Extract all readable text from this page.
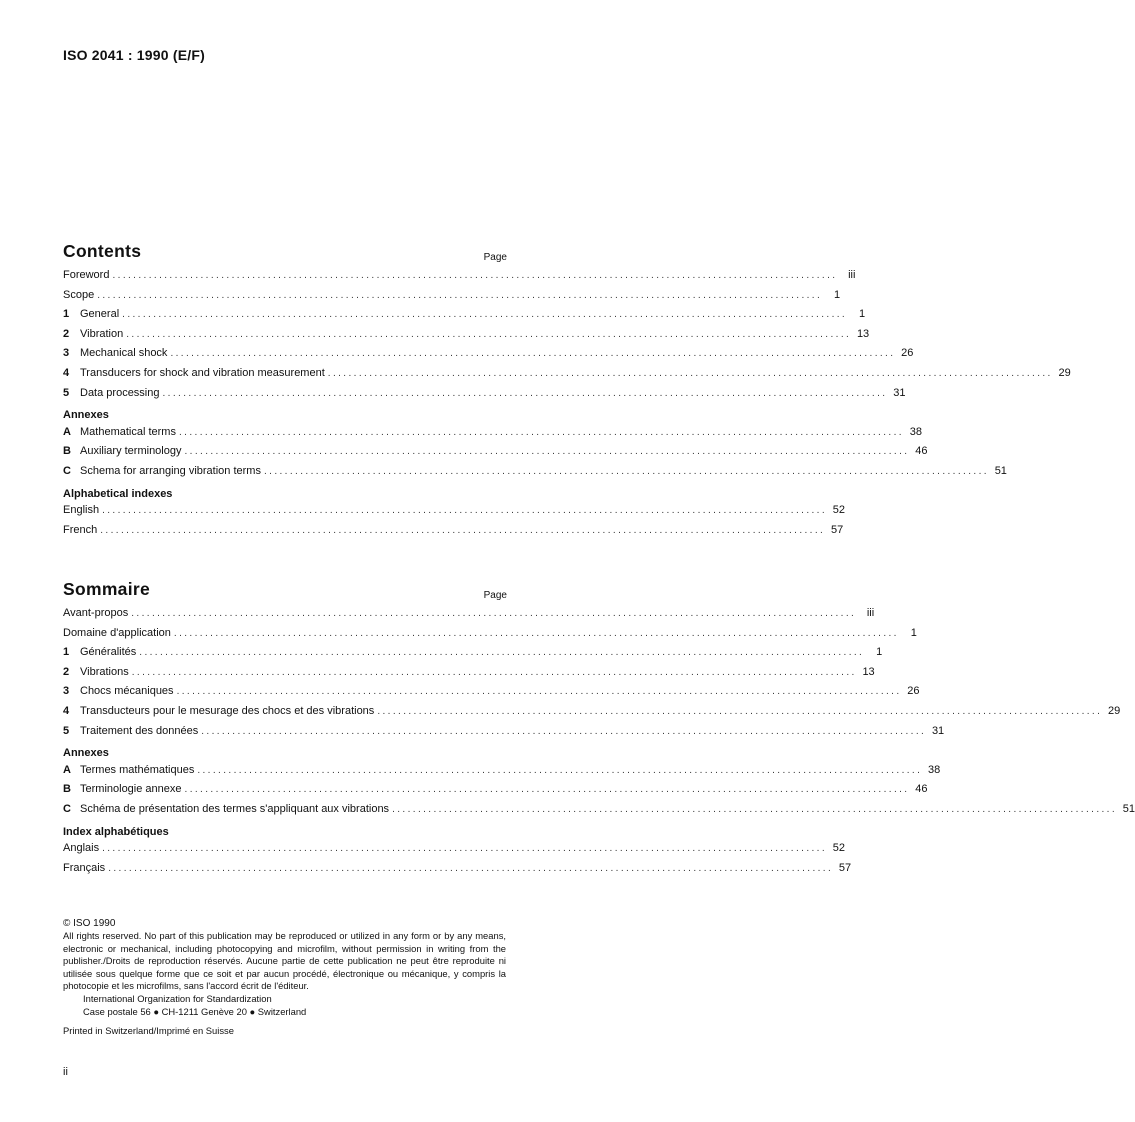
ISO 2041 : 1990 (E/F)
Contents	Page
Foreword ............................................................................................................................................ iii
Scope ............................................................................................................................................	1
1 General ............................................................................................................................................	1
2 Vibration ............................................................................................................................................ 13
3 Mechanical shock ............................................................................................................................................ 26
4 Transducers for shock and vibration measurement ............................................................................................................................................ 29
5 Data processing ............................................................................................................................................ 31
Annexes
A Mathematical terms ............................................................................................................................................ 38
B Auxiliary terminology ............................................................................................................................................ 46
C Schema for arranging vibration terms ............................................................................................................................................ 51
Alphabetical indexes
English ............................................................................................................................................ 52
French ............................................................................................................................................ 57
Sommaire	Page
Avant-propos ............................................................................................................................................ iii
Domaine d'application ............................................................................................................................................	1
1 Généralités ............................................................................................................................................	1
2 Vibrations ............................................................................................................................................ 13
3 Chocs mécaniques ............................................................................................................................................ 26
4 Transducteurs pour le mesurage des chocs et des vibrations ............................................................................................................................................ 29
5 Traitement des données ............................................................................................................................................ 31
Annexes
A Termes mathématiques ............................................................................................................................................ 38
B Terminologie annexe ............................................................................................................................................ 46
C Schéma de présentation des termes s'appliquant aux vibrations ............................................................................................................................................ 51
Index alphabétiques
Anglais ............................................................................................................................................ 52
Français ............................................................................................................................................ 57
© ISO 1990
All rights reserved. No part of this publication may be reproduced or utilized in any form or by any means, electronic or mechanical, including photocopying and microfilm, without permission in writing from the publisher./Droits de reproduction réservés. Aucune partie de cette publication ne peut être reproduite ni utilisée sous quelque forme que ce soit et par aucun procédé, électronique ou mécanique, y compris la photocopie et les microfilms, sans l'accord écrit de l'éditeur.
International Organization for Standardization
Case postale 56 ● CH-1211 Genève 20 ● Switzerland
Printed in Switzerland/Imprimé en Suisse
ii
